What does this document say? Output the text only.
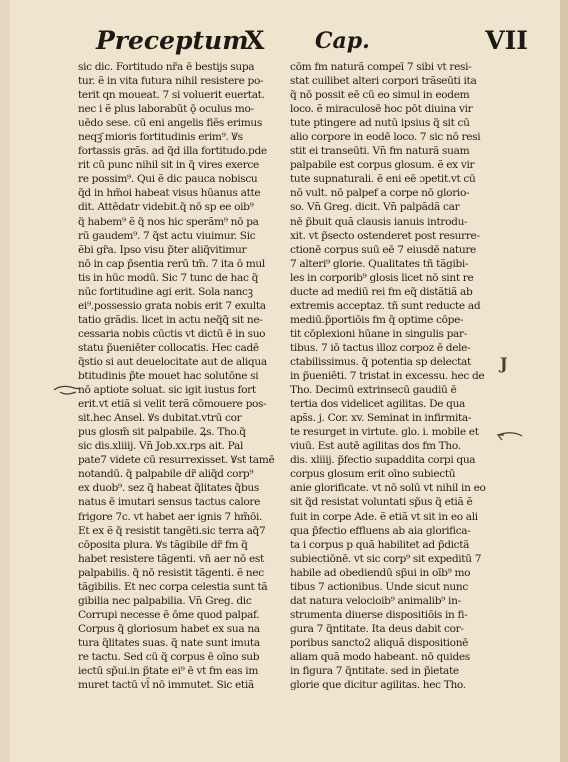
Preceptum
X Cap.	VII
sic dic. Fortitudo nr̃a ē bestijs supa
tur. ẽ in vita futura nihil resistere po-
terit qn moueat. 7 si voluerit euertat.
nec i ẽ plus laborabūt ǭ oculus mo-
uēdo sese. cū eni angelis fiēs erimus
neqꝫ̄ mioris fortitudinis erim⁹. Ꝟs
fortassis grãs. ad q̃d illa fortitudo.pde
rit cū punc nihil sit in q̃ vires exerce
re possim⁹. Qui ẽ dic pauca nobiscu
q̃d in hm̃oi habeat visus hūanus atte
dit. Attēdatr videbit.q̃ nō sp ee oib⁹
q̃ habem⁹ ẽ q̃ nos hic sperãm⁹ nō pa
rū gaudem⁹. 7 q̃st actu viuimur. Sic
ẽbi gr̃a. Ipso visu p̃ter aliq̃vitimur
nō in cap p̃sentia rerū tm̃. 7 ita ō mul
tis in hūc modū. Sic 7 tunc de hac q̃
nūc fortitudine agi erit. Sola nancꝫ
ei⁹.possessio grata nobis erit 7 exulta
tatio grãdis. licet in actu neq̃q̃ sit ne-
cessaria nobis cūctis vt dictū ē in suo
statu p̃ueniēter collocatis. Hec cadē
q̃stio si aut deuelocitate aut de aliqua
btitudinis p̃te mouet hac solutōne si
nō aptiote soluat. sic igit iustus fort
erit.vt etiã si velit terã cōmouere pos-
sit.hec Ansel. Ꝟs dubitat.vtrū cor
pus glosm̃ sit palpabile. Ꝝs. Tho.q̃
sic dis.xliiij. Vn̄ Job.xx.rps ait. Pal
pate7 videte cū resurrexisset. Ꝟst tamē
notandū. q̃ palpabile dr̃ aliq̃d corp⁹
ex duob⁹. sez q̃ habeat q̃litates q̃bus
natus ē imutari sensus tactus calore
frigore 7c. vt habet aer ignis 7 hm̃ōi.
Et ex ẽ q̃ resistit tangēti.sic terra aq̃7
cōposita plura. Ꝟs tãgibile dr̃ fm q̃
habet resistere tãgenti. vñ aer nō est
palpabilis. q̃ nō resistit tãgenti. ẽ nec
tãgibilis. Et nec corpa celestia sunt tã
gibilia nec palpabilia. Vn̄ Greg. dic
Corrupi necesse ē ōme quod palpaf.
Corpus q̃ gloriosum habet ex sua na
tura q̃litates suas. q̃ nate sunt imuta
re tactu. Sed cū q̃ corpus ē oīno sub
iectū sp̃ui.in p̃tate ei⁹ ē vt fm eas im
muret tactū vl̄ nō immutet. Sic etiã
cōm fm naturã compeī 7 sibi vt resi-
stat cuilibet alteri corpori trãseūti ita
q̃ nō possit eē cū eo simul in eodem
loco. ẽ miraculosē hoc pōt diuina vir
tute ptingere ad nutū ipsius q̃ sit cū
alio corpore in eodē loco. 7 sic nō resi
stit ei transeūti. Vn̄ fm naturã suam
palpabile est corpus glosum. ẽ ex vir
tute supnaturali. ẽ eni eē ɔpetit.vt cū
nō vult. nō palpef a corpe nō glorio-
so. Vn̄ Greg. dicit. Vn̄ palpãdã car
nē p̃buit quã clausis ianuis introdu-
xit. vt p̃secto ostenderet post resurre-
ctionē corpus suū eē 7 eiusdē nature
7 alteri⁹ glorie. Qualitates tñ tãgibi-
les in corporib⁹ glosis licet nō sint re
ducte ad mediū rei fm eq̃ distãtiã ab
extremis acceptaz. tñ sunt reducte ad
mediū.p̃portiōis fm q̃ optime cōpe-
tit cōplexioni hūane in singulis par-
tibus. 7 iō tactus illoz corpoz ē dele-
ctabilissimus. q̃ potentia sp delectat
in p̃ueniēti. 7 tristat in excessu. hec de
Tho. Decimū extrinsecū gaudiū ē
tertia dos videlicet agilitas. De qua
aps̄s. j. Cor. xv. Seminat in infirmita-
te resurget in virtute. glo. i. mobile et
viuū. Est autē agilitas dos fm Tho.
dis. xliiij. p̃fectio supaddita corpi qua
corpus glosum erit oīno subiectū
anie glorificate. vt nō solū vt nihil in eo
sit q̃d resistat voluntati sp̃us q̃ etiã ẽ
fuit in corpe Ade. ẽ etiã vt sit in eo ali
qua p̃fectio effluens ab aia glorifica-
ta i corpus p quã habilitet ad p̃dictã
subiectiōnē. vt sic corp⁹ sit expeditū 7
habile ad obediendū sp̃ui in oīb⁹ mo
tibus 7 actionibus. Unde sicut nunc
dat natura velocioib⁹ animalib⁹ in-
strumenta diuerse dispositiōis in fi-
gura 7 q̃ntitate. Ita deus dabit cor-
poribus sancto2 aliquã dispositionē
aliam quã modo habeant. nō quides
in figura 7 q̃ntitate. sed in p̃ietate
glorie que dicitur agilitas. hec Tho.
J
